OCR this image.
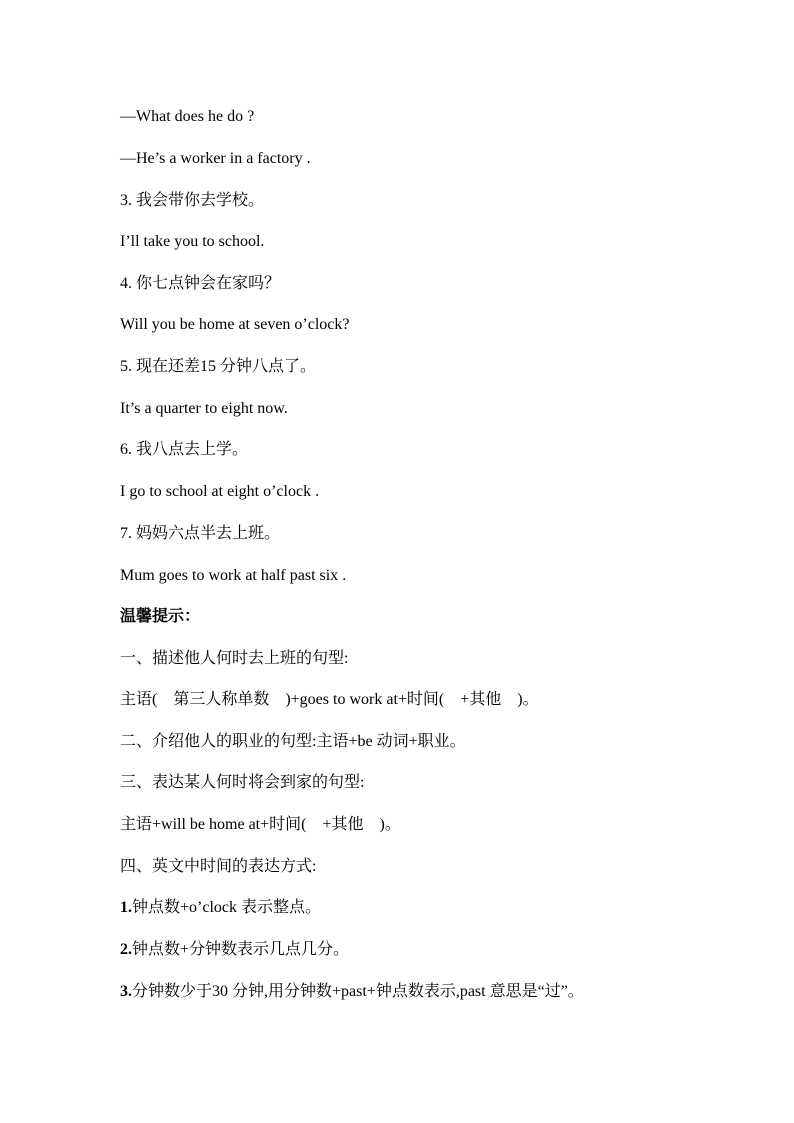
—What does he do ?
—He’s a worker in a factory .
3. 我会带你去学校。
I’ll take you to school.
4. 你七点钟会在家吗？
Will you be home at seven o’clock?
5. 现在还差15 分钟八点了。
It’s a quarter to eight now.
6. 我八点去上学。
I go to school at eight o’clock .
7. 妈妈六点半去上班。
Mum goes to work at half past six .
温馨提示：
一、描述他人何时去上班的句型:
主语(　第三人称单数　)+goes to work at+时间(　+其他　)。
二、介绍他人的职业的句型:主语+be 动词+职业。
三、表达某人何时将会到家的句型:
主语+will be home at+时间(　+其他　)。
四、英文中时间的表达方式:
1.钟点数+o’clock 表示整点。
2.钟点数+分钟数表示几点几分。
3.分钟数少于30 分钟,用分钟数+past+钟点数表示,past 意思是“过”。
